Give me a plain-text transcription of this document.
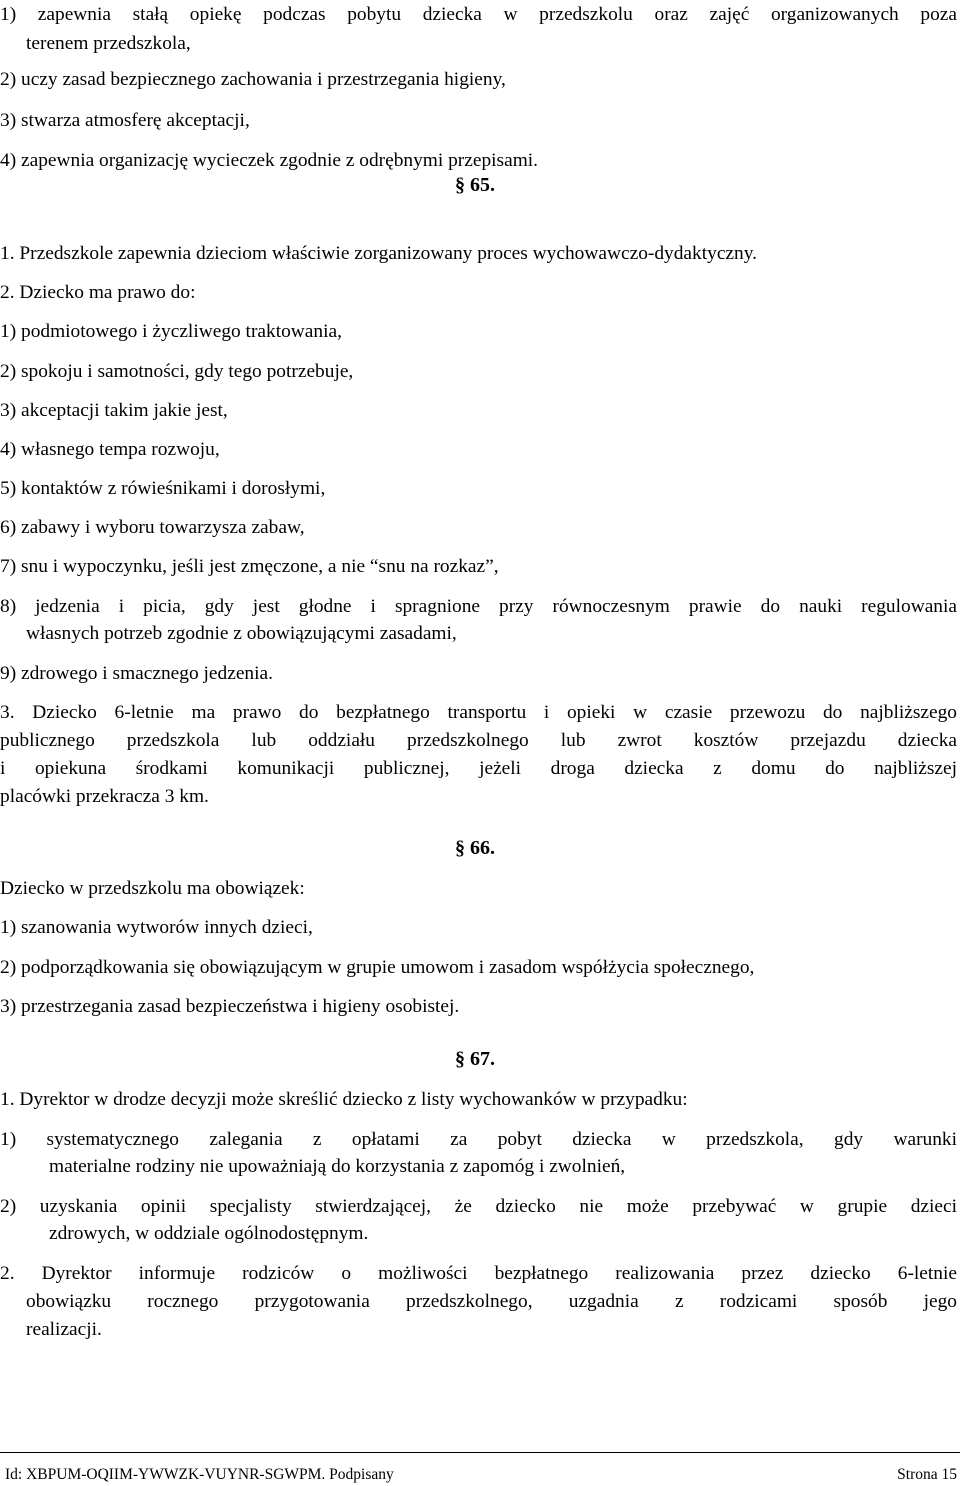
1) zapewnia stałą opiekę podczas pobytu dziecka w przedszkolu oraz zajęć organizowanych poza
terenem przedszkola,
2) uczy zasad bezpiecznego zachowania i przestrzegania higieny,
3) stwarza atmosferę akceptacji,
4) zapewnia organizację wycieczek zgodnie z odrębnymi przepisami.
§ 65.
1. Przedszkole zapewnia dzieciom właściwie zorganizowany proces wychowawczo-dydaktyczny.
2. Dziecko ma prawo do:
1) podmiotowego i życzliwego traktowania,
2) spokoju i samotności, gdy tego potrzebuje,
3) akceptacji takim jakie jest,
4) własnego tempa rozwoju,
5) kontaktów z rówieśnikami i dorosłymi,
6) zabawy i wyboru towarzysza zabaw,
7) snu i wypoczynku, jeśli jest zmęczone, a nie “snu na rozkaz”,
8) jedzenia i picia, gdy jest głodne i spragnione przy równoczesnym prawie do nauki regulowania
własnych potrzeb zgodnie z obowiązującymi zasadami,
9) zdrowego i smacznego jedzenia.
3. Dziecko 6-letnie ma prawo do bezpłatnego transportu i opieki w czasie przewozu do najbliższego
publicznego przedszkola lub oddziału przedszkolnego lub zwrot kosztów przejazdu dziecka
i opiekuna środkami komunikacji publicznej, jeżeli droga dziecka z domu do najbliższej
placówki przekracza 3 km.
§ 66.
Dziecko w przedszkolu ma obowiązek:
1) szanowania wytworów innych dzieci,
2) podporządkowania się obowiązującym w grupie umowom i zasadom współżycia społecznego,
3) przestrzegania zasad bezpieczeństwa i higieny osobistej.
§ 67.
1. Dyrektor w drodze decyzji może skreślić dziecko z listy wychowanków w przypadku:
1) systematycznego zalegania z opłatami za pobyt dziecka w przedszkola, gdy warunki
materialne rodziny nie upoważniają do korzystania z zapomóg i zwolnień,
2) uzyskania opinii specjalisty stwierdzającej, że dziecko nie może przebywać w grupie dzieci
zdrowych, w oddziale ogólnodostępnym.
2. Dyrektor informuje rodziców o możliwości bezpłatnego realizowania przez dziecko 6-letnie
obowiązku rocznego przygotowania przedszkolnego, uzgadnia z rodzicami sposób jego
realizacji.
Id: XBPUM-OQIIM-YWWZK-VUYNR-SGWPM. Podpisany	Strona 15
